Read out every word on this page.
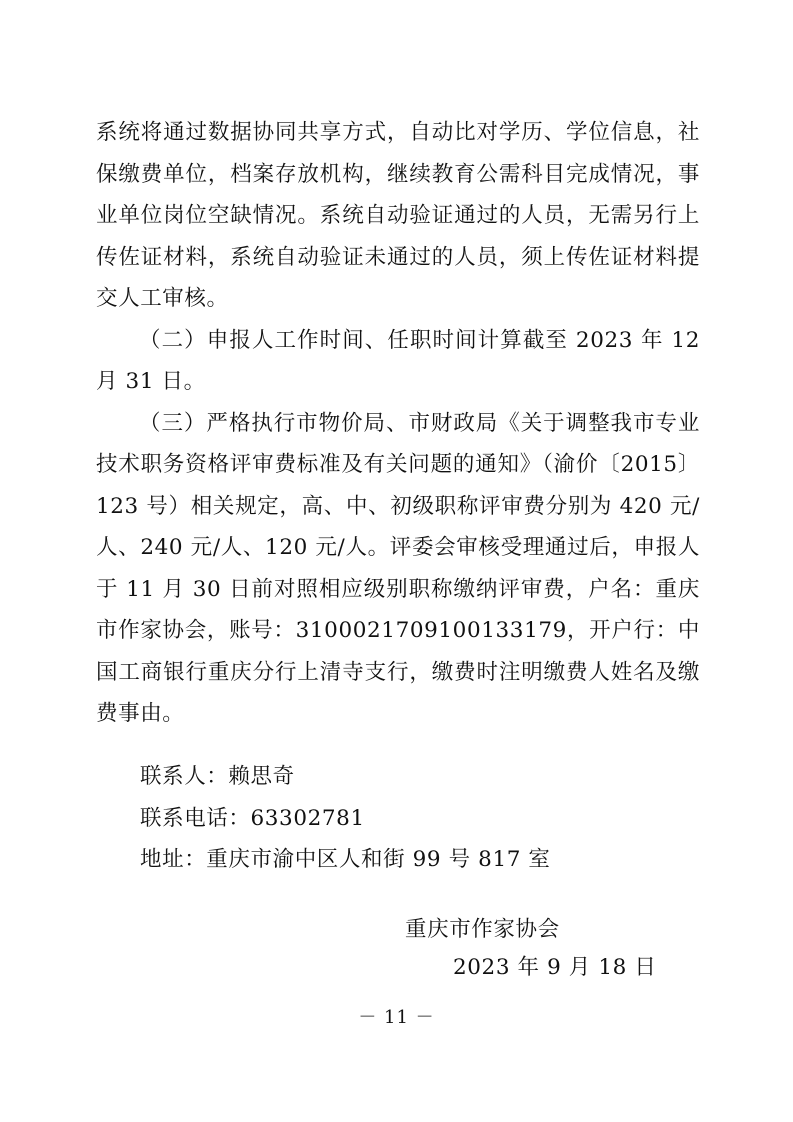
系统将通过数据协同共享方式，自动比对学历、学位信息，社保缴费单位，档案存放机构，继续教育公需科目完成情况，事业单位岗位空缺情况。系统自动验证通过的人员，无需另行上传佐证材料，系统自动验证未通过的人员，须上传佐证材料提交人工审核。

（二）申报人工作时间、任职时间计算截至 2023 年 12 月 31 日。

（三）严格执行市物价局、市财政局《关于调整我市专业技术职务资格评审费标准及有关问题的通知》（渝价〔2015〕123 号）相关规定，高、中、初级职称评审费分别为 420 元/人、240 元/人、120 元/人。评委会审核受理通过后，申报人于 11 月 30 日前对照相应级别职称缴纳评审费，户名：重庆市作家协会，账号：3100021709100133179，开户行：中国工商银行重庆分行上清寺支行，缴费时注明缴费人姓名及缴费事由。

联系人：赖思奇
联系电话：63302781
地址：重庆市渝中区人和街 99 号 817 室
重庆市作家协会
2023 年 9 月 18 日
－ 11 －
